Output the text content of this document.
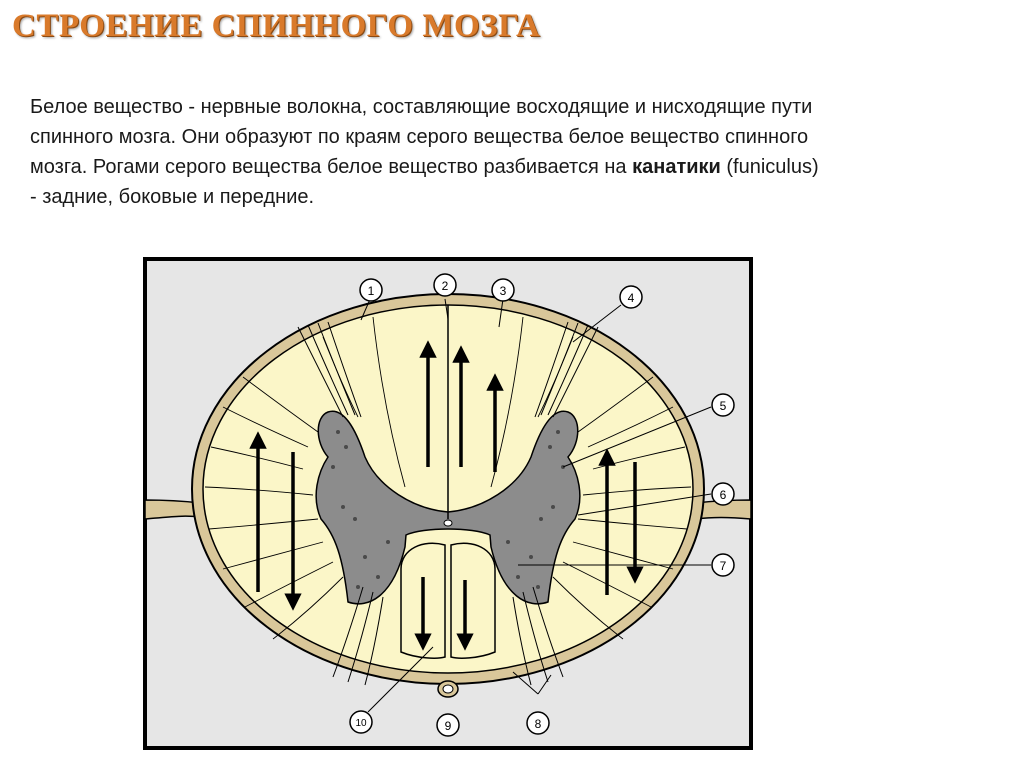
СТРОЕНИЕ СПИННОГО МОЗГА

Белое вещество - нервные волокна, составляющие восходящие и нисходящие пути спинного мозга. Они образуют по краям серого вещества белое вещество спинного мозга. Рогами серого вещества белое вещество разбивается на канатики (funiculus) - задние, боковые и передние.

1	2	3	4
5
6
7
8
9
10
